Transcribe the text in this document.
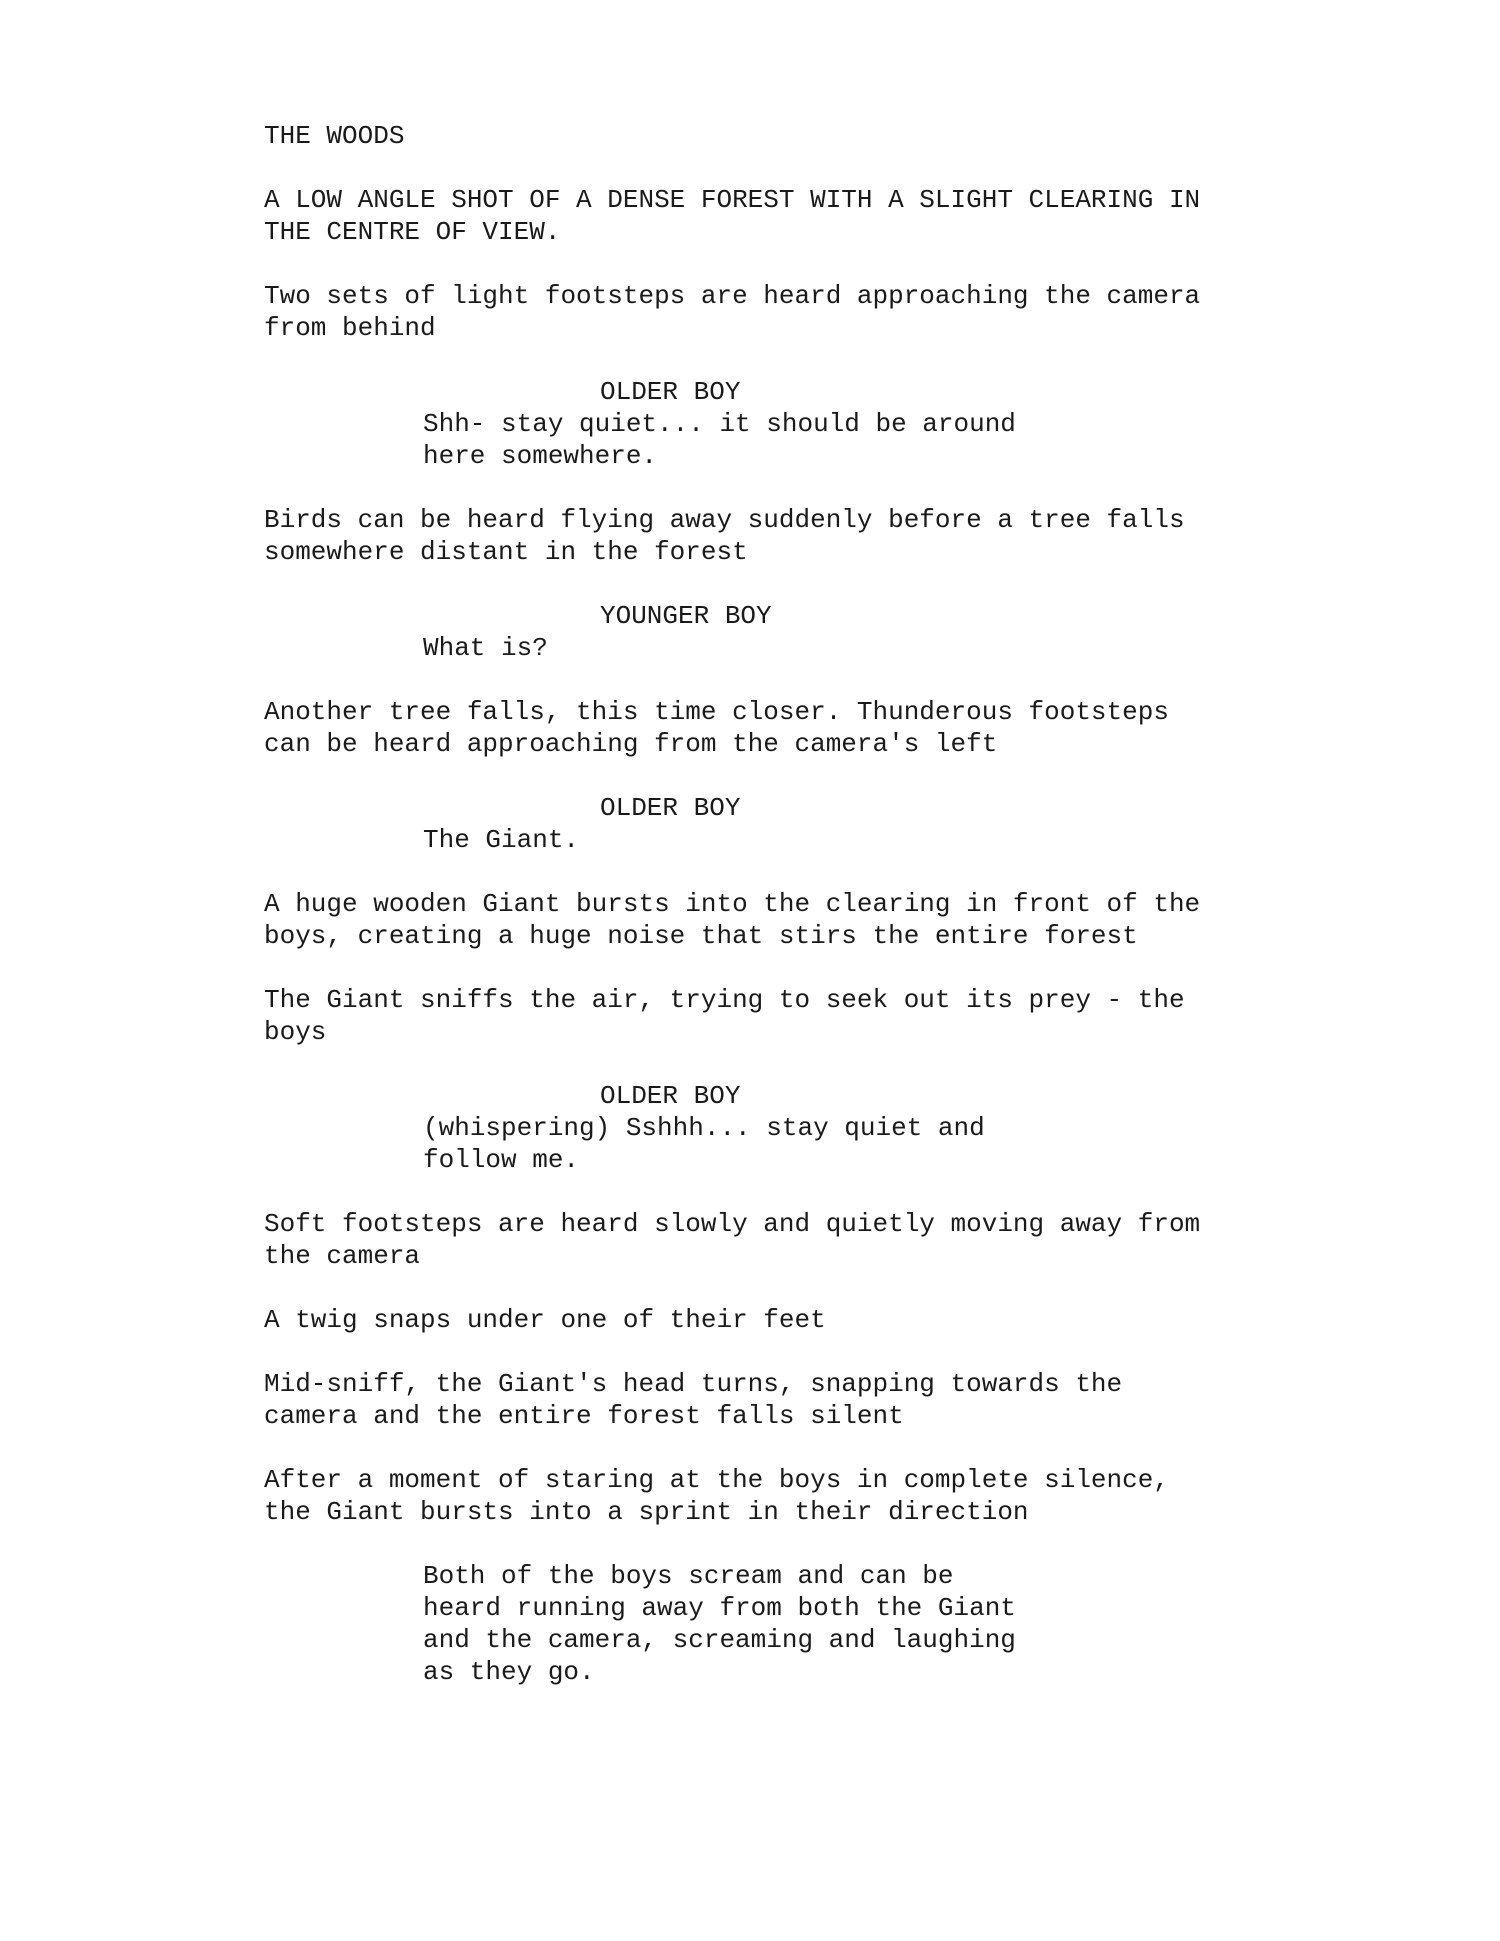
THE WOODS
A LOW ANGLE SHOT OF A DENSE FOREST WITH A SLIGHT CLEARING IN
THE CENTRE OF VIEW.
Two sets of light footsteps are heard approaching the camera
from behind
OLDER BOY
Shh- stay quiet... it should be around
here somewhere.
Birds can be heard flying away suddenly before a tree falls
somewhere distant in the forest
YOUNGER BOY
What is?
Another tree falls, this time closer. Thunderous footsteps
can be heard approaching from the camera's left
OLDER BOY
The Giant.
A huge wooden Giant bursts into the clearing in front of the
boys, creating a huge noise that stirs the entire forest
The Giant sniffs the air, trying to seek out its prey - the
boys
OLDER BOY
(whispering) Sshhh... stay quiet and
follow me.
Soft footsteps are heard slowly and quietly moving away from
the camera
A twig snaps under one of their feet
Mid-sniff, the Giant's head turns, snapping towards the
camera and the entire forest falls silent
After a moment of staring at the boys in complete silence,
the Giant bursts into a sprint in their direction
Both of the boys scream and can be
heard running away from both the Giant
and the camera, screaming and laughing
as they go.
